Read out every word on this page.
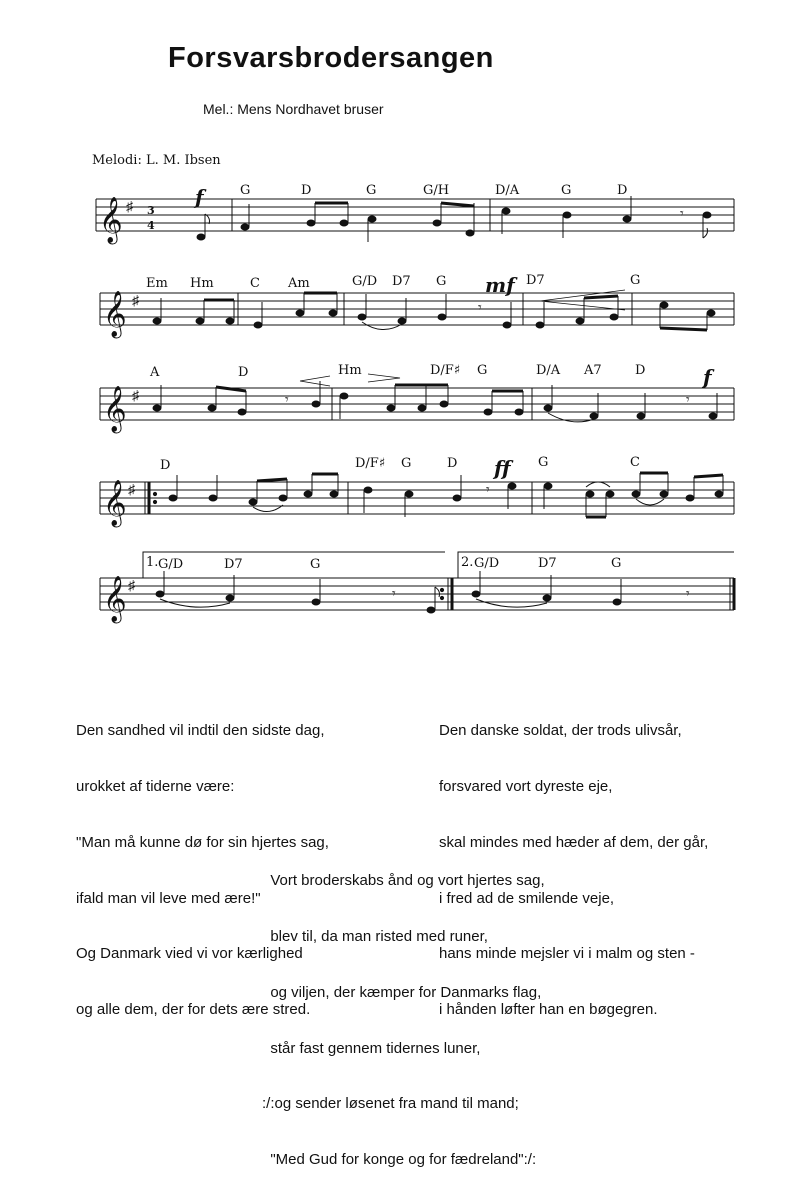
Forsvarsbrodersangen
Mel.: Mens Nordhavet bruser
Melodi: L. M. Ibsen
𝄞 ♯ 3
4
𝄾
f	G	D	G	G/H	D/A	G	D
𝄞 ♯	𝄾
mf
Em Hm	C Am	G/D D7 G	D7	G
𝄞 ♯	𝄾	𝄾
f
A	D	Hm	D/F♯ G	D/A A7	D
𝄞 ♯	𝄾
ff
D	D/F♯ G	D	G	C
𝄞 ♯	𝄾	𝄾
1.	2.
G/D	D7	G	G/D	D7	G

Den sandhed vil indtil den sidste dag,

urokket af tiderne være:

"Man må kunne dø for sin hjertes sag,

ifald man vil leve med ære!"

Og Danmark vied vi vor kærlighed

og alle dem, der for dets ære stred.

Den danske soldat, der trods ulivsår,

forsvared vort dyreste eje,

skal mindes med hæder af dem, der går,

i fred ad de smilende veje,

hans minde mejsler vi i malm og sten -

i hånden løfter han en bøgegren.

Vort broderskabs ånd og vort hjertes sag,

blev til, da man risted med runer,

og viljen, der kæmper for Danmarks flag,

står fast gennem tidernes luner,

:/:og sender løsenet fra mand til mand;

"Med Gud for konge og for fædreland":/:
